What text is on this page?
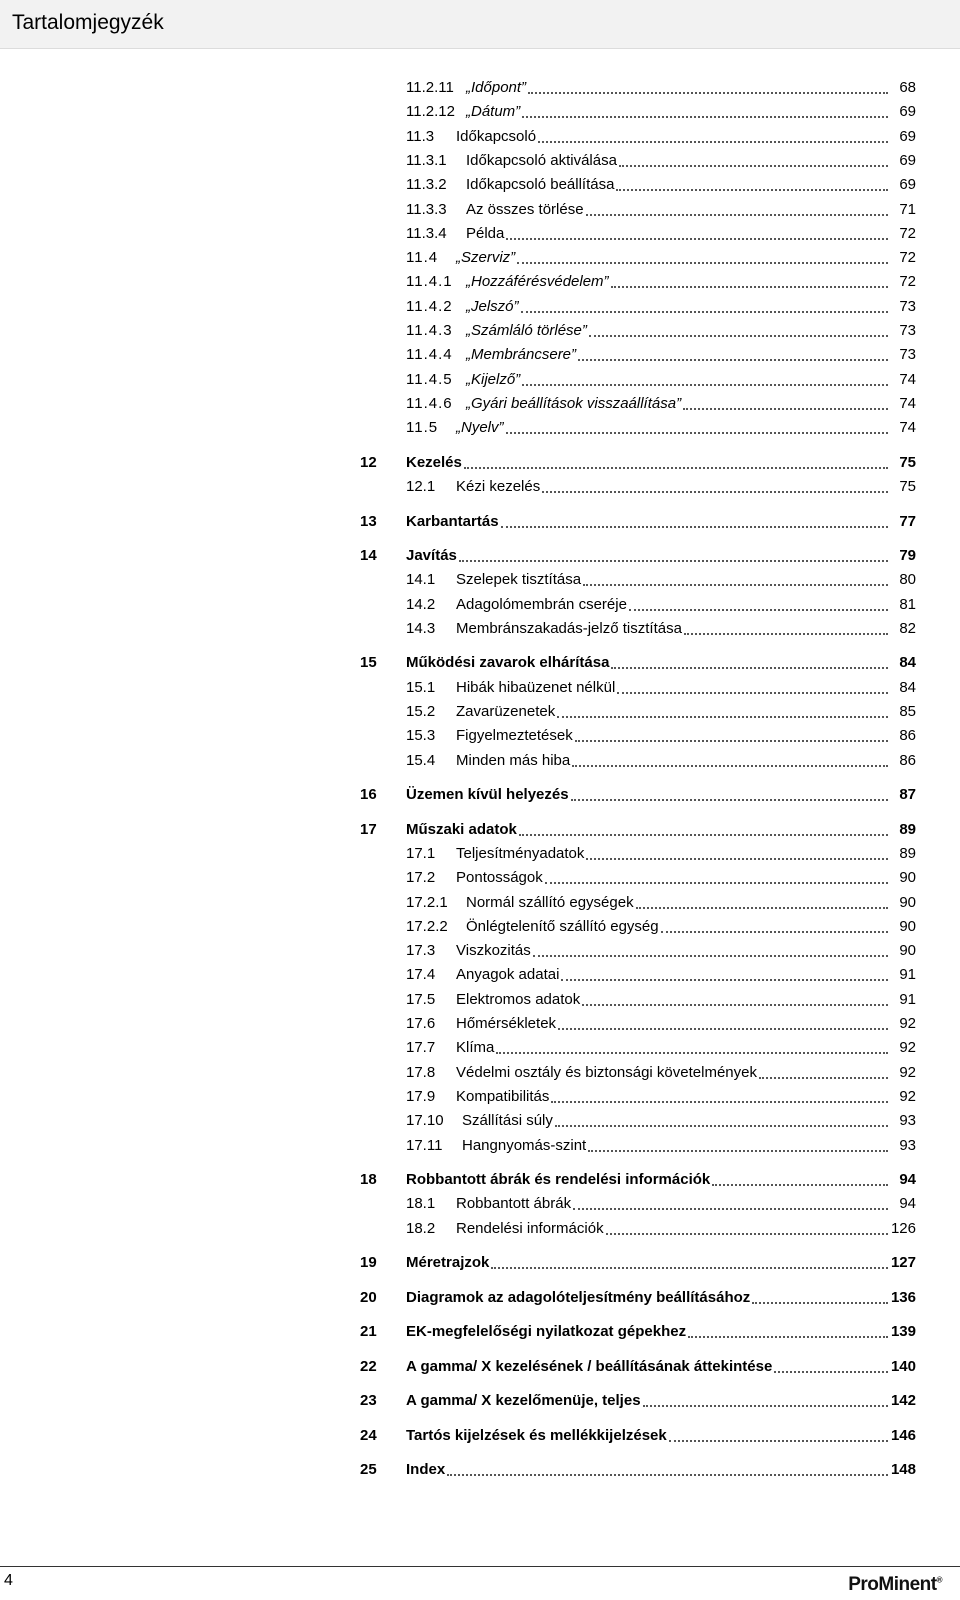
Tartalomjegyzék
11.2.11 „Időpont”	68
11.2.12 „Dátum”	69
11.3	Időkapcsoló	69
11.3.1	Időkapcsoló aktiválása	69
11.3.2	Időkapcsoló beállítása	69
11.3.3	Az összes törlése	71
11.3.4	Példa	72
11.4	„Szerviz”	72
11.4.1 „Hozzáférésvédelem”	72
11.4.2 „Jelszó”	73
11.4.3 „Számláló törlése”	73
11.4.4 „Membráncsere”	73
11.4.5 „Kijelző”	74
11.4.6 „Gyári beállítások visszaállítása”	74
11.5	„Nyelv”	74
12 Kezelés	75
12.1	Kézi kezelés	75
13 Karbantartás	77
14 Javítás	79
14.1	Szelepek tisztítása	80
14.2	Adagolómembrán cseréje	81
14.3	Membránszakadás-jelző tisztítása	82
15 Működési zavarok elhárítása	84
15.1	Hibák hibaüzenet nélkül	84
15.2	Zavarüzenetek	85
15.3	Figyelmeztetések	86
15.4	Minden más hiba	86
16 Üzemen kívül helyezés	87
17 Műszaki adatok	89
17.1	Teljesítményadatok	89
17.2	Pontosságok	90
17.2.1	Normál szállító egységek	90
17.2.2	Önlégtelenítő szállító egység	90
17.3	Viszkozitás	90
17.4	Anyagok adatai	91
17.5	Elektromos adatok	91
17.6	Hőmérsékletek	92
17.7	Klíma	92
17.8	Védelmi osztály és biztonsági követelmények	92
17.9	Kompatibilitás	92
17.10	Szállítási súly	93
17.11	Hangnyomás-szint	93
18 Robbantott ábrák és rendelési információk	94
18.1	Robbantott ábrák	94
18.2	Rendelési információk	126
19 Méretrajzok	127
20 Diagramok az adagolóteljesítmény beállításához	136
21 EK-megfelelőségi nyilatkozat gépekhez	139
22 A gamma/ X kezelésének / beállításának áttekintése	140
23 A gamma/ X kezelőmenüje, teljes	142
24 Tartós kijelzések és mellékkijelzések	146
25 Index	148
4	ProMinent®
